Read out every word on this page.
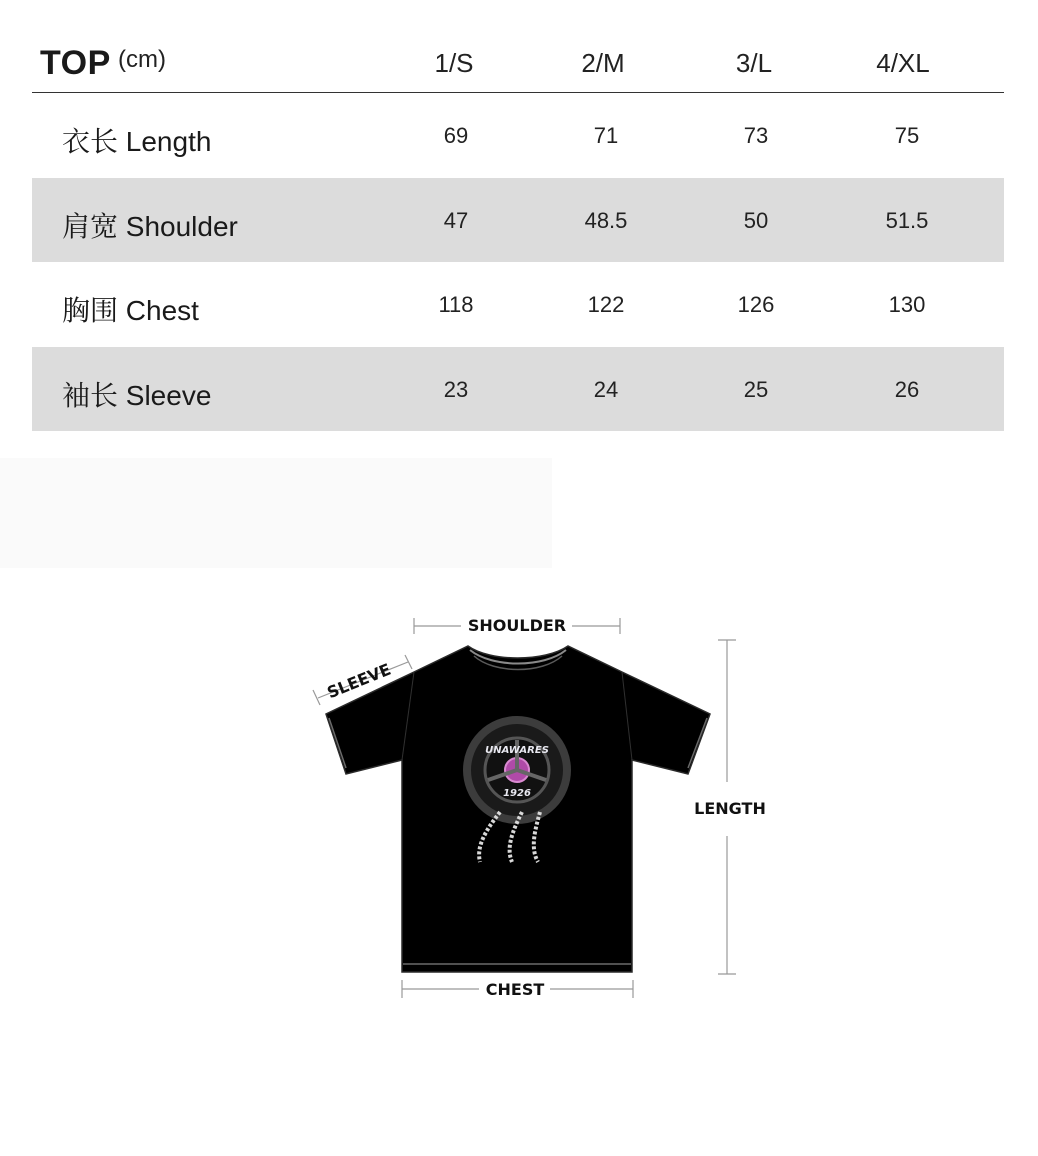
TOP (cm)	1/S	2/M	3/L	4/XL
衣长 Length	69	71	73	75
肩宽 Shoulder	47	48.5	50	51.5
胸围 Chest	118	122	126	130
袖长 Sleeve	23	24	25	26
UNAWARES
1926
SHOULDER
SLEEVE
LENGTH
CHEST
